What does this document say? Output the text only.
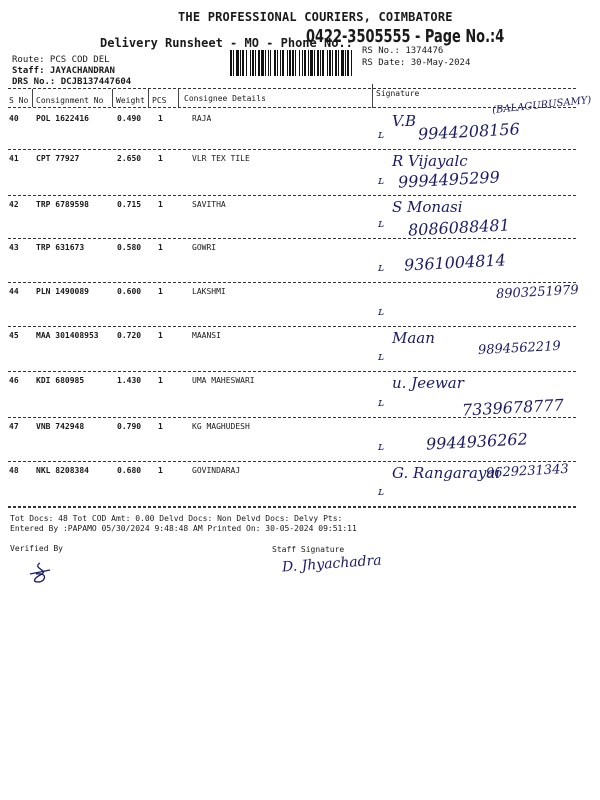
THE PROFESSIONAL COURIERS, COIMBATORE
Delivery Runsheet - MO - Phone No.:
0422-3505555 - Page No.:4
Route: PCS COD DEL
Staff: JAYACHANDRAN
DRS No.: DCJB137447604
RS No.: 1374476
RS Date: 30-May-2024
S No Consignment No Weight PCS Consignee Details
Signature
40 POL 1622416	0.490 1	RAJA
ʟ
V.B
(BALAGURUSAMY)
9944208156
41 CPT 77927	2.650 1	VLR TEX TILE
ʟ
R Vijayalc
9994495299
42 TRP 6789598	0.715 1	SAVITHA
ʟ
S Monasi
8086088481
43 TRP 631673	0.580 1	GOWRI
ʟ 9361004814
44 PLN 1490089	0.600 1	LAKSHMI
ʟ
8903251979
45 MAA 301408953 0.720 1	MAANSI
ʟ
Maan
9894562219
46 KDI 680985	1.430 1	UMA MAHESWARI
ʟ
u. Jeewar
7339678777
47 VNB 742948	0.790 1	KG MAGHUDESH
ʟ	9944936262
48 NKL 8208384	0.680 1	GOVINDARAJ
ʟ
G. Rangarayai
9629231343
Tot Docs: 48 Tot COD Amt: 0.00 Delvd Docs: Non Delvd Docs: Delvy Pts:
Entered By :PAPAMO 05/30/2024 9:48:48 AM Printed On: 30-05-2024 09:51:11
Verified By	Staff Signature
D. Jhyachadra
